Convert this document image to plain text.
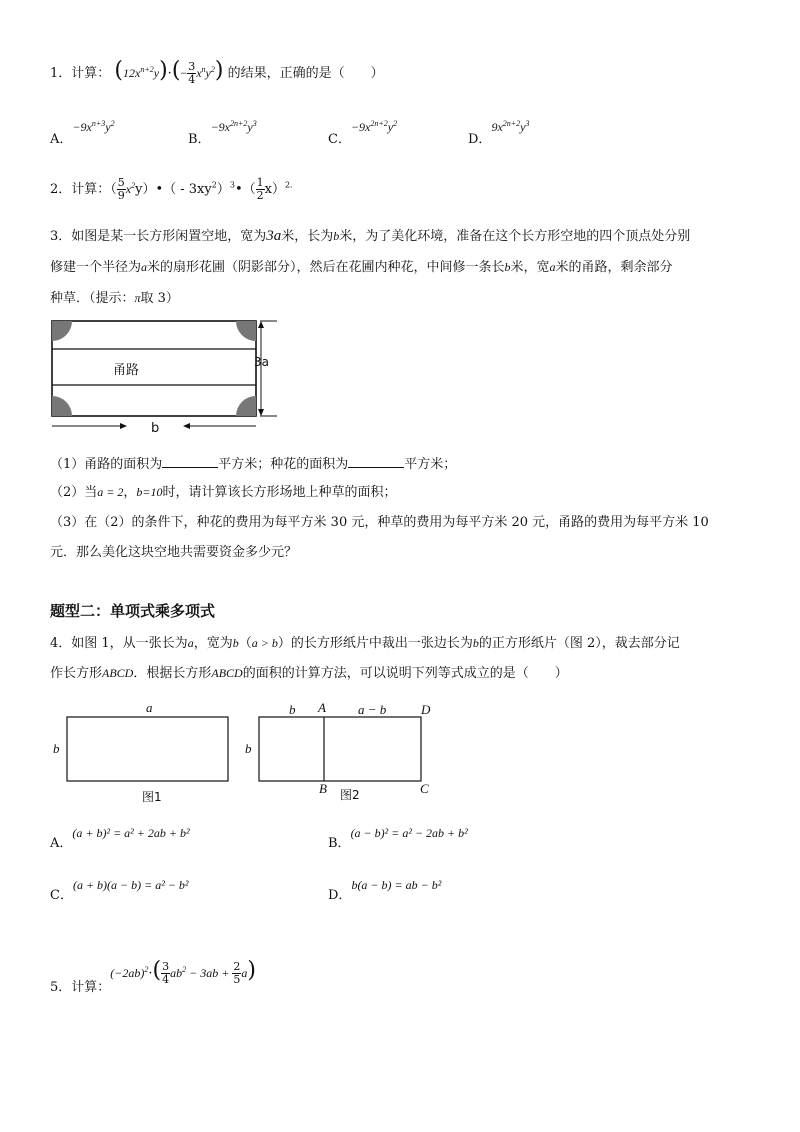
1．计算： $(12x^{n+2}y)\cdot(- \frac{3}{4} x^ny^2)$ 的结果，正确的是（　　）
A．$-9x^{n+3}y^2$
B．$-9x^{2n+2}y^3$
C．$-9x^{2n+2}y^2$
D．$9x^{2n+2}y^3$
2．计算：（ $\frac{5}{9}$ $x^2y)•$（ - $3xy^2)^3•( \frac{1}{2} x)^{2.}$
3．如图是某一长方形闲置空地，宽为3a米，长为b米，为了美化环境，准备在这个长方形空地的四个顶点处分别
修建一个半径为a米的扇形花圃（阴影部分），然后在花圃内种花，中间修一条长b米，宽a米的甬路，剩余部分
种草．（提示：π取 3）
甬路
3a
b
（1）甬路的面积为	平方米；种花的面积为	平方米；
（2）当a = 2，b=10时，请计算该长方形场地上种草的面积；
（3）在（2）的条件下，种花的费用为每平方米 30 元，种草的费用为每平方米 20 元，甬路的费用为每平方米 10
元．那么美化这块空地共需要资金多少元？
题型二：单项式乘多项式
4．如图 1，从一张长为a，宽为b（a > b）的长方形纸片中裁出一张边长为b的正方形纸片（图 2），裁去部分记
作长方形ABCD．根据长方形ABCD的面积的计算方法，可以说明下列等式成立的是（　　）
a
b
图1
b A a − b	D
b
B 图2	C
A．(a + b)² = a² + 2ab + b²
B．(a − b)² = a² − 2ab + b²
C．(a + b)(a − b) = a² − b²
D．b(a − b) = ab − b²
5．计算：$(-2ab)^2\cdot( \frac{3}{4} ab^2 - 3ab + \frac{2}{5} a)$
